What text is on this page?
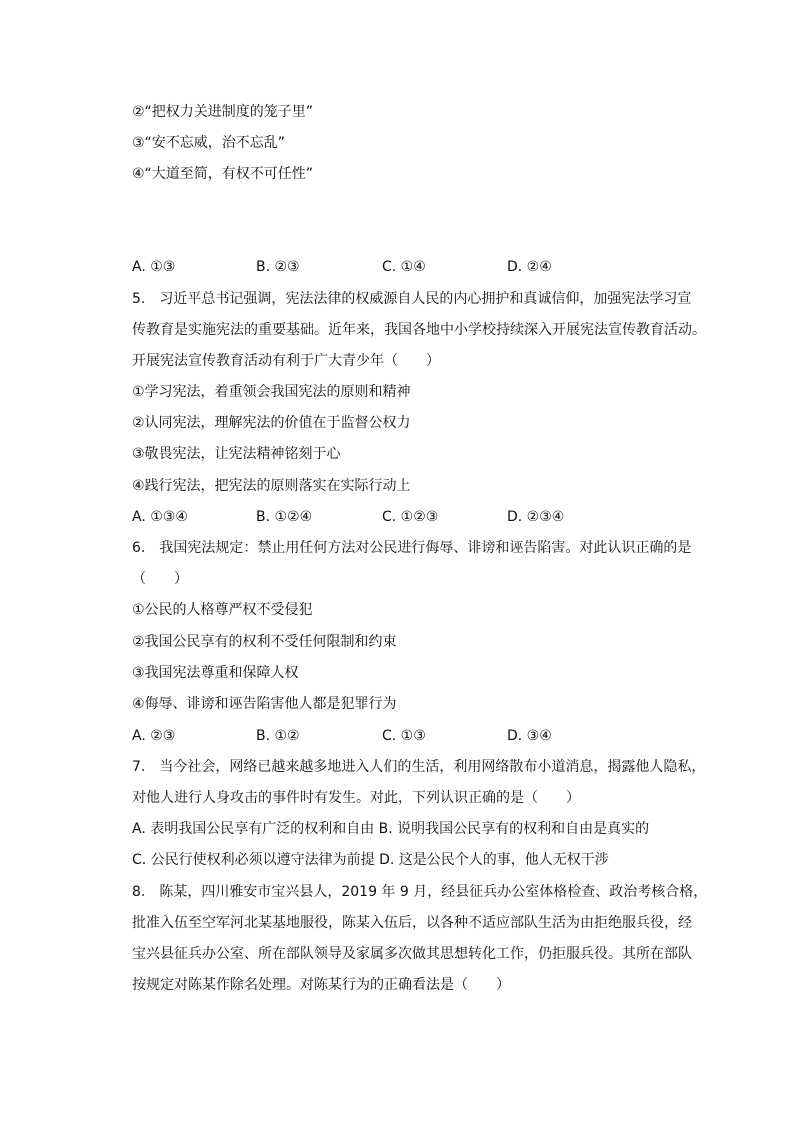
②“把权力关进制度的笼子里”
③“安不忘威，治不忘乱”
④“大道至简，有权不可任性”
A. ①③	B. ②③	C. ①④	D. ②④
5.　习近平总书记强调，宪法法律的权威源自人民的内心拥护和真诚信仰，加强宪法学习宣
传教育是实施宪法的重要基础。近年来，我国各地中小学校持续深入开展宪法宣传教育活动。
开展宪法宣传教育活动有利于广大青少年（　　）
①学习宪法，着重领会我国宪法的原则和精神
②认同宪法，理解宪法的价值在于监督公权力
③敬畏宪法，让宪法精神铭刻于心
④践行宪法，把宪法的原则落实在实际行动上
A. ①③④	B. ①②④	C. ①②③	D. ②③④
6.　我国宪法规定：禁止用任何方法对公民进行侮辱、诽谤和诬告陷害。对此认识正确的是
（　　）
①公民的人格尊严权不受侵犯
②我国公民享有的权利不受任何限制和约束
③我国宪法尊重和保障人权
④侮辱、诽谤和诬告陷害他人都是犯罪行为
A. ②③	B. ①②	C. ①③	D. ③④
7.　当今社会，网络已越来越多地进入人们的生活，利用网络散布小道消息，揭露他人隐私，
对他人进行人身攻击的事件时有发生。对此，下列认识正确的是（　　）
A. 表明我国公民享有广泛的权利和自由 B. 说明我国公民享有的权利和自由是真实的
C. 公民行使权利必须以遵守法律为前提 D. 这是公民个人的事，他人无权干涉
8.　陈某，四川雅安市宝兴县人，2019 年 9 月，经县征兵办公室体格检查、政治考核合格，
批准入伍至空军河北某基地服役，陈某入伍后，以各种不适应部队生活为由拒绝服兵役，经
宝兴县征兵办公室、所在部队领导及家属多次做其思想转化工作，仍拒服兵役。其所在部队
按规定对陈某作除名处理。对陈某行为的正确看法是（　　）
